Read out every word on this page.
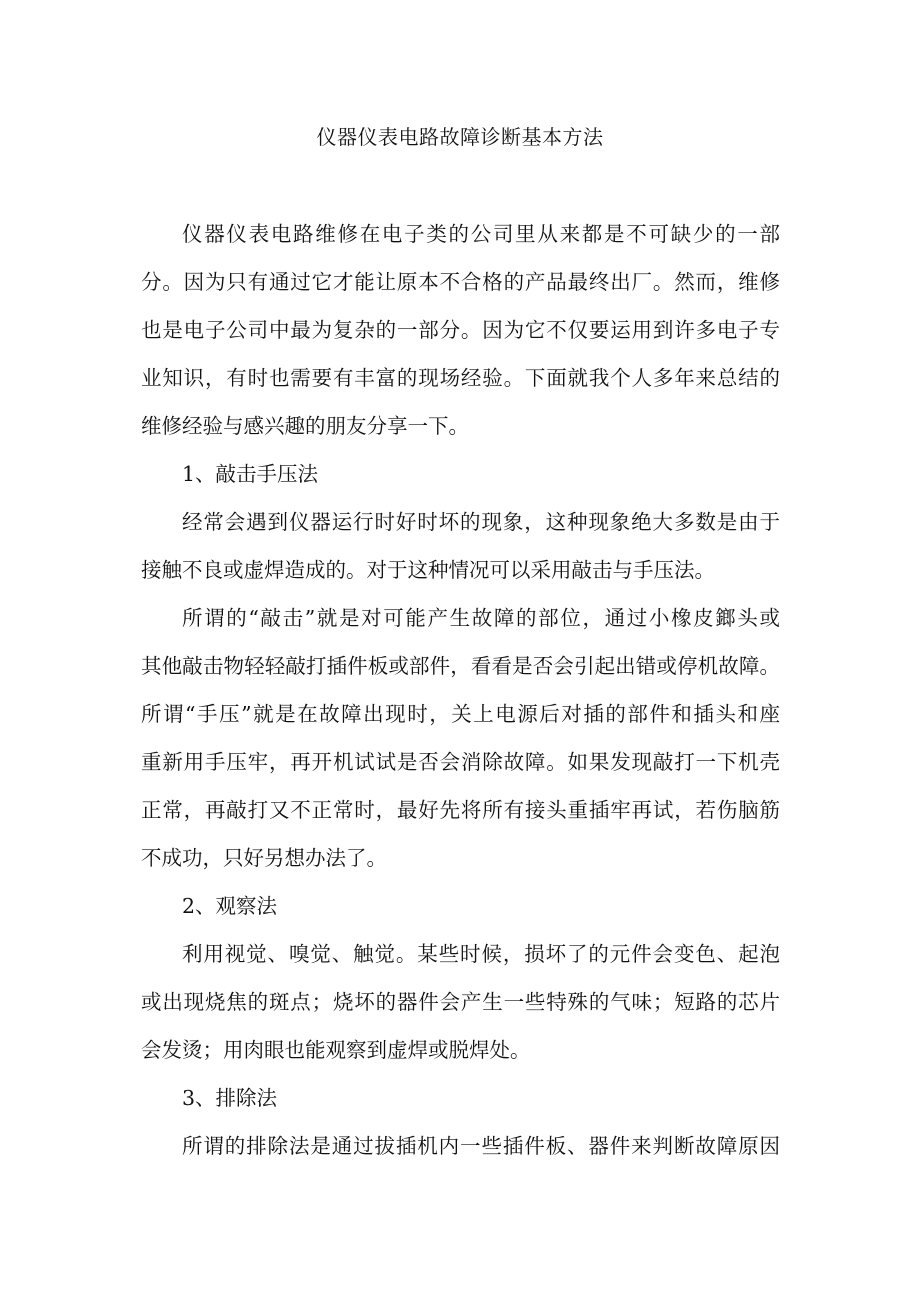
仪器仪表电路故障诊断基本方法
仪器仪表电路维修在电子类的公司里从来都是不可缺少的一部
分。因为只有通过它才能让原本不合格的产品最终出厂。然而，维修
也是电子公司中最为复杂的一部分。因为它不仅要运用到许多电子专
业知识，有时也需要有丰富的现场经验。下面就我个人多年来总结的
维修经验与感兴趣的朋友分享一下。
1、敲击手压法
经常会遇到仪器运行时好时坏的现象，这种现象绝大多数是由于
接触不良或虚焊造成的。对于这种情况可以采用敲击与手压法。
所谓的“敲击”就是对可能产生故障的部位，通过小橡皮鎯头或
其他敲击物轻轻敲打插件板或部件，看看是否会引起出错或停机故障。
所谓“手压”就是在故障出现时，关上电源后对插的部件和插头和座
重新用手压牢，再开机试试是否会消除故障。如果发现敲打一下机壳
正常，再敲打又不正常时，最好先将所有接头重插牢再试，若伤脑筋
不成功，只好另想办法了。
2、观察法
利用视觉、嗅觉、触觉。某些时候，损坏了的元件会变色、起泡
或出现烧焦的斑点；烧坏的器件会产生一些特殊的气味；短路的芯片
会发烫；用肉眼也能观察到虚焊或脱焊处。
3、排除法
所谓的排除法是通过拔插机内一些插件板、器件来判断故障原因
